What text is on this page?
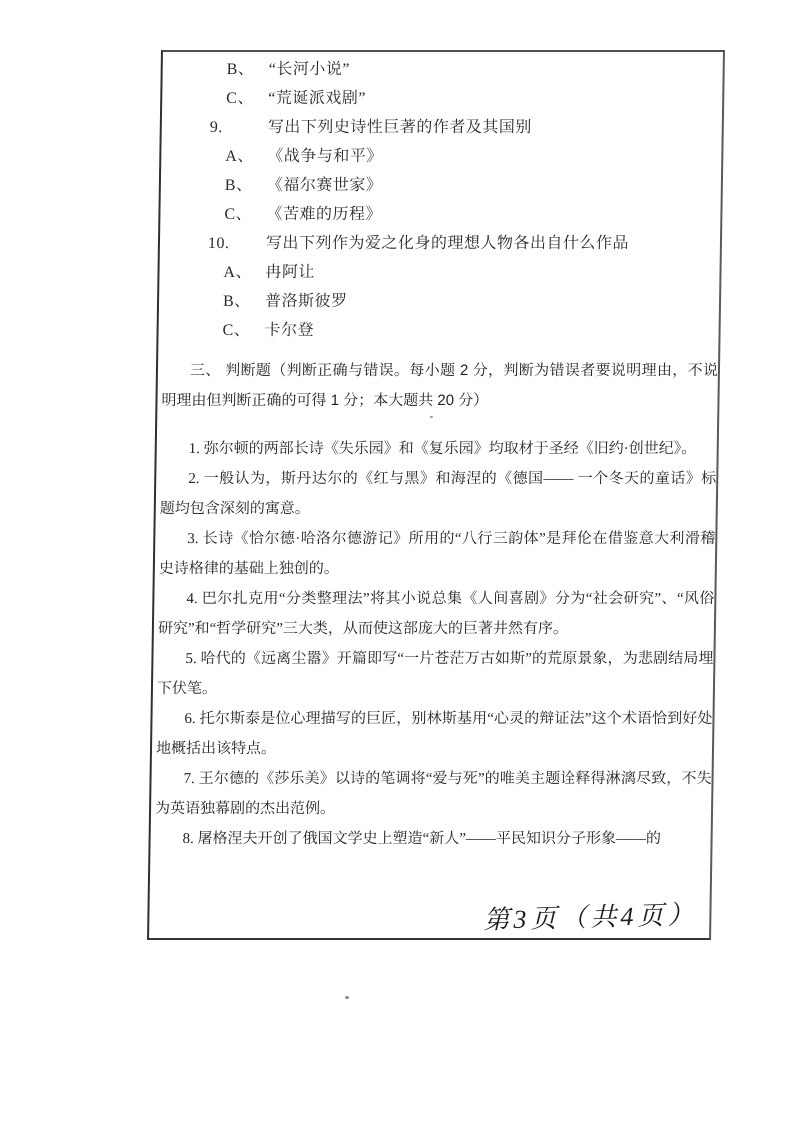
B、 “长河小说”
C、 “荒诞派戏剧”
9.	写出下列史诗性巨著的作者及其国别
A、 《战争与和平》
B、 《福尔赛世家》
C、 《苦难的历程》
10.	写出下列作为爱之化身的理想人物各出自什么作品
A、 冉阿让
B、 普洛斯彼罗
C、 卡尔登

三、 判断题（判断正确与错误。每小题 2 分，判断为错误者要说明理由，不说明理由但判断正确的可得 1 分；本大题共 20 分）

1. 弥尔顿的两部长诗《失乐园》和《复乐园》均取材于圣经《旧约·创世纪》。

2. 一般认为，斯丹达尔的《红与黑》和海涅的《德国—— 一个冬天的童话》标题均包含深刻的寓意。

3. 长诗《恰尔德·哈洛尔德游记》所用的“八行三韵体”是拜伦在借鉴意大利滑稽史诗格律的基础上独创的。

4. 巴尔扎克用“分类整理法”将其小说总集《人间喜剧》分为“社会研究”、“风俗研究”和“哲学研究”三大类，从而使这部庞大的巨著井然有序。

5. 哈代的《远离尘嚣》开篇即写“一片苍茫万古如斯”的荒原景象，为悲剧结局埋下伏笔。

6. 托尔斯泰是位心理描写的巨匠，别林斯基用“心灵的辩证法”这个术语恰到好处地概括出该特点。

7. 王尔德的《莎乐美》以诗的笔调将“爱与死”的唯美主题诠释得淋漓尽致，不失为英语独幕剧的杰出范例。

8. 屠格涅夫开创了俄国文学史上塑造“新人”——平民知识分子形象——的

第3页（共4页）
